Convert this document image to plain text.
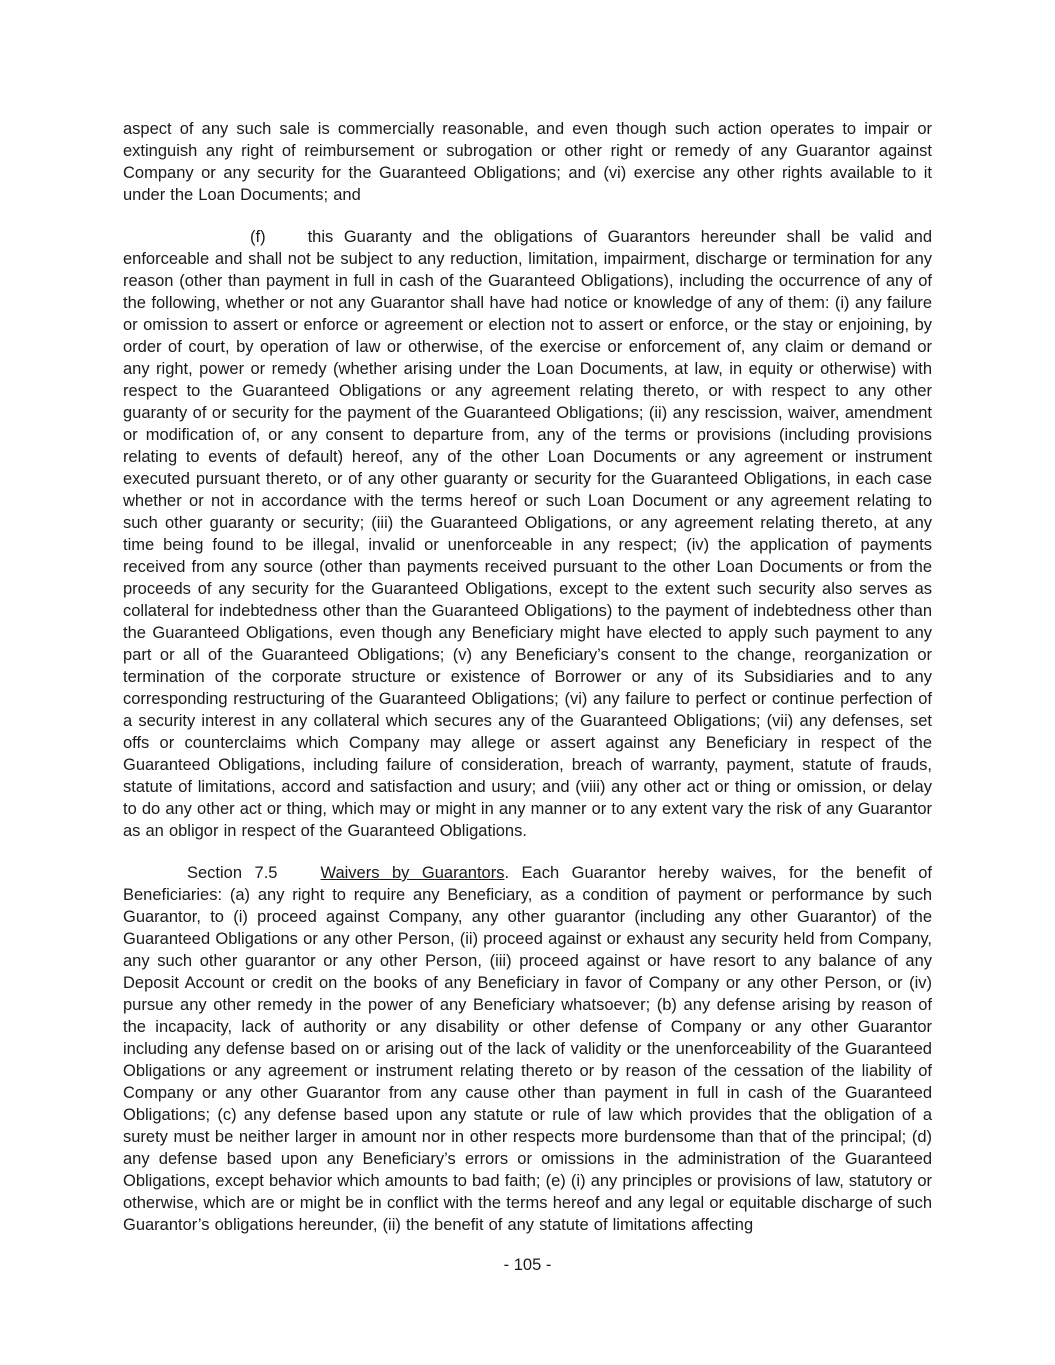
aspect of any such sale is commercially reasonable, and even though such action operates to impair or extinguish any right of reimbursement or subrogation or other right or remedy of any Guarantor against Company or any security for the Guaranteed Obligations; and (vi) exercise any other rights available to it under the Loan Documents; and

(f)	this Guaranty and the obligations of Guarantors hereunder shall be valid and enforceable and shall not be subject to any reduction, limitation, impairment, discharge or termination for any reason (other than payment in full in cash of the Guaranteed Obligations), including the occurrence of any of the following, whether or not any Guarantor shall have had notice or knowledge of any of them: (i) any failure or omission to assert or enforce or agreement or election not to assert or enforce, or the stay or enjoining, by order of court, by operation of law or otherwise, of the exercise or enforcement of, any claim or demand or any right, power or remedy (whether arising under the Loan Documents, at law, in equity or otherwise) with respect to the Guaranteed Obligations or any agreement relating thereto, or with respect to any other guaranty of or security for the payment of the Guaranteed Obligations; (ii) any rescission, waiver, amendment or modification of, or any consent to departure from, any of the terms or provisions (including provisions relating to events of default) hereof, any of the other Loan Documents or any agreement or instrument executed pursuant thereto, or of any other guaranty or security for the Guaranteed Obligations, in each case whether or not in accordance with the terms hereof or such Loan Document or any agreement relating to such other guaranty or security; (iii) the Guaranteed Obligations, or any agreement relating thereto, at any time being found to be illegal, invalid or unenforceable in any respect; (iv) the application of payments received from any source (other than payments received pursuant to the other Loan Documents or from the proceeds of any security for the Guaranteed Obligations, except to the extent such security also serves as collateral for indebtedness other than the Guaranteed Obligations) to the payment of indebtedness other than the Guaranteed Obligations, even though any Beneficiary might have elected to apply such payment to any part or all of the Guaranteed Obligations; (v) any Beneficiary’s consent to the change, reorganization or termination of the corporate structure or existence of Borrower or any of its Subsidiaries and to any corresponding restructuring of the Guaranteed Obligations; (vi) any failure to perfect or continue perfection of a security interest in any collateral which secures any of the Guaranteed Obligations; (vii) any defenses, set offs or counterclaims which Company may allege or assert against any Beneficiary in respect of the Guaranteed Obligations, including failure of consideration, breach of warranty, payment, statute of frauds, statute of limitations, accord and satisfaction and usury; and (viii) any other act or thing or omission, or delay to do any other act or thing, which may or might in any manner or to any extent vary the risk of any Guarantor as an obligor in respect of the Guaranteed Obligations.

Section 7.5	Waivers by Guarantors. Each Guarantor hereby waives, for the benefit of Beneficiaries: (a) any right to require any Beneficiary, as a condition of payment or performance by such Guarantor, to (i) proceed against Company, any other guarantor (including any other Guarantor) of the Guaranteed Obligations or any other Person, (ii) proceed against or exhaust any security held from Company, any such other guarantor or any other Person, (iii) proceed against or have resort to any balance of any Deposit Account or credit on the books of any Beneficiary in favor of Company or any other Person, or (iv) pursue any other remedy in the power of any Beneficiary whatsoever; (b) any defense arising by reason of the incapacity, lack of authority or any disability or other defense of Company or any other Guarantor including any defense based on or arising out of the lack of validity or the unenforceability of the Guaranteed Obligations or any agreement or instrument relating thereto or by reason of the cessation of the liability of Company or any other Guarantor from any cause other than payment in full in cash of the Guaranteed Obligations; (c) any defense based upon any statute or rule of law which provides that the obligation of a surety must be neither larger in amount nor in other respects more burdensome than that of the principal; (d) any defense based upon any Beneficiary’s errors or omissions in the administration of the Guaranteed Obligations, except behavior which amounts to bad faith; (e) (i) any principles or provisions of law, statutory or otherwise, which are or might be in conflict with the terms hereof and any legal or equitable discharge of such Guarantor’s obligations hereunder, (ii) the benefit of any statute of limitations affecting

- 105 -
